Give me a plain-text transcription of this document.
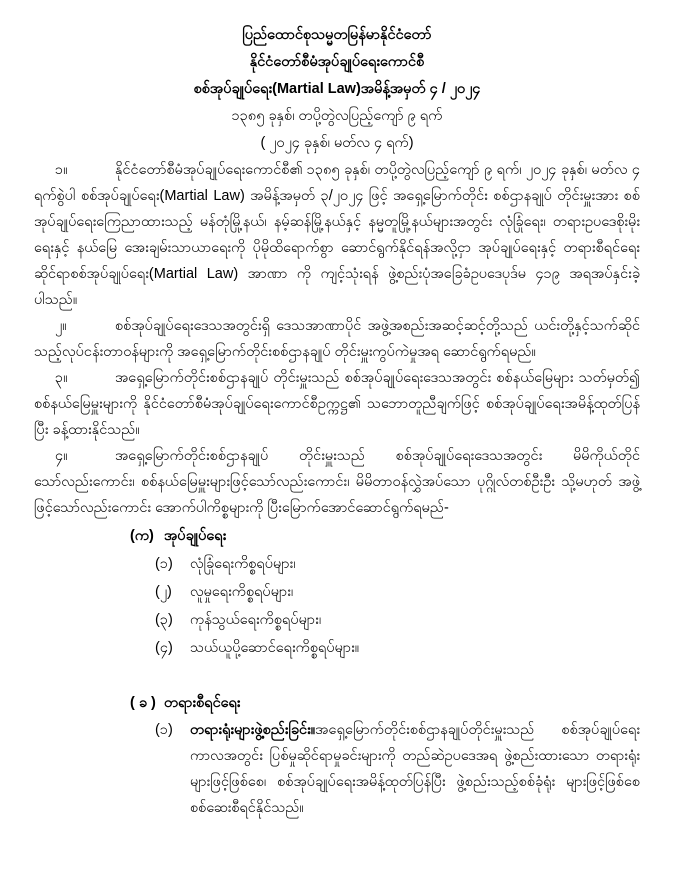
ပြည်ထောင်စုသမ္မတမြန်မာနိုင်ငံတော်
နိုင်ငံတော်စီမံအုပ်ချုပ်ရေးကောင်စီ
စစ်အုပ်ချုပ်ရေး(Martial Law)အမိန့်အမှတ် ၄ / ၂၀၂၄
၁၃၈၅ ခုနှစ်၊ တပို့တွဲလပြည့်ကျော် ၉ ရက်
( ၂၀၂၄ ခုနှစ်၊ မတ်လ ၄ ရက်)

၁။	နိုင်ငံတော်စီမံအုပ်ချုပ်ရေးကောင်စီ၏ ၁၃၈၅ ခုနှစ်၊ တပို့တွဲလပြည့်ကျော် ၉ ရက်၊ ၂၀၂၄ ခုနှစ်၊ မတ်လ ၄ ရက်စွဲပါ စစ်အုပ်ချုပ်ရေး(Martial Law) အမိန့်အမှတ် ၃/၂၀၂၄ ဖြင့် အရှေ့မြောက်တိုင်း စစ်ဌာနချုပ် တိုင်းမှူးအား စစ်အုပ်ချုပ်ရေးကြေညာထားသည့် မန်တုံမြို့နယ်၊ နမ့်ဆန်မြို့နယ်နှင့် နမ္မတူမြို့နယ်များအတွင်း လုံခြုံရေး၊ တရားဥပဒေစိုးမိုးရေးနှင့် နယ်မြေ အေးချမ်းသာယာရေးကို ပိုမိုထိရောက်စွာ ဆောင်ရွက်နိုင်ရန်အလို့ငှာ အုပ်ချုပ်ရေးနှင့် တရားစီရင်ရေးဆိုင်ရာစစ်အုပ်ချုပ်ရေး(Martial Law) အာဏာ ကို ကျင့်သုံးရန် ဖွဲ့စည်းပုံအခြေခံဥပဒေပုဒ်မ ၄၁၉ အရအပ်နှင်းခဲ့ပါသည်။

၂။	စစ်အုပ်ချုပ်ရေးဒေသအတွင်းရှိ ဒေသအာဏာပိုင် အဖွဲ့အစည်းအဆင့်ဆင့်တို့သည် ယင်းတို့နှင့်သက်ဆိုင်သည့်လုပ်ငန်းတာဝန်များကို အရှေ့မြောက်တိုင်းစစ်ဌာနချုပ် တိုင်းမှူးကွပ်ကဲမှုအရ ဆောင်ရွက်ရမည်။

၃။	အရှေ့မြောက်တိုင်းစစ်ဌာနချုပ် တိုင်းမှူးသည် စစ်အုပ်ချုပ်ရေးဒေသအတွင်း စစ်နယ်မြေများ သတ်မှတ်၍ စစ်နယ်မြေမှူးများကို နိုင်ငံတော်စီမံအုပ်ချုပ်ရေးကောင်စီဥက္ကဋ္ဌ၏ သဘောတူညီချက်ဖြင့် စစ်အုပ်ချုပ်ရေးအမိန့်ထုတ်ပြန်ပြီး ခန့်ထားနိုင်သည်။

၄။	အရှေ့မြောက်တိုင်းစစ်ဌာနချုပ် တိုင်းမှူးသည် စစ်အုပ်ချုပ်ရေးဒေသအတွင်း မိမိကိုယ်တိုင် သော်လည်းကောင်း၊ စစ်နယ်မြေမှူးများဖြင့်သော်လည်းကောင်း၊ မိမိတာဝန်လွှဲအပ်သော ပုဂ္ဂိုလ်တစ်ဦးဦး သို့မဟုတ် အဖွဲ့ဖြင့်သော်လည်းကောင်း အောက်ပါကိစ္စများကို ပြီးမြောက်အောင်ဆောင်ရွက်ရမည်-

(က) အုပ်ချုပ်ရေး
(၁) လုံခြုံရေးကိစ္စရပ်များ၊
(၂) လူမှုရေးကိစ္စရပ်များ၊
(၃) ကုန်သွယ်ရေးကိစ္စရပ်များ၊
(၄) သယ်ယူပို့ဆောင်ရေးကိစ္စရပ်များ။
( ခ ) တရားစီရင်ရေး
(၁)	တရားရုံးများဖွဲ့စည်းခြင်း။အရှေ့မြောက်တိုင်းစစ်ဌာနချုပ်တိုင်းမှူးသည် စစ်အုပ်ချုပ်ရေး ကာလအတွင်း ပြစ်မှုဆိုင်ရာမှုခင်းများကို တည်ဆဲဥပဒေအရ ဖွဲ့စည်းထားသော တရားရုံးများဖြင့်ဖြစ်စေ၊ စစ်အုပ်ချုပ်ရေးအမိန့်ထုတ်ပြန်ပြီး ဖွဲ့စည်းသည့်စစ်ခုံရုံး များဖြင့်ဖြစ်စေ စစ်ဆေးစီရင်နိုင်သည်။
